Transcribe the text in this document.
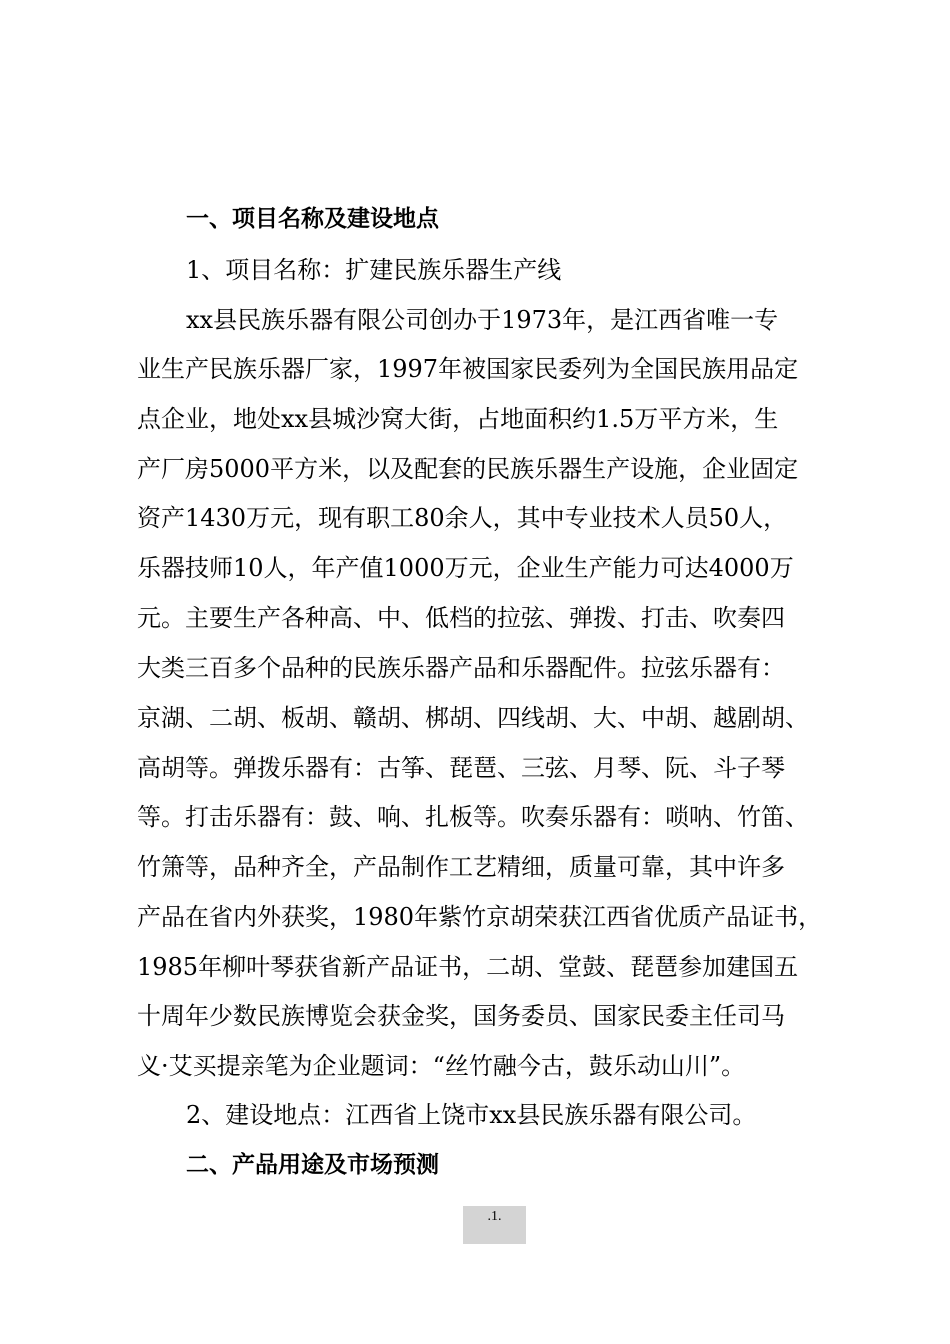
一、项目名称及建设地点
1、项目名称：扩建民族乐器生产线
xx县民族乐器有限公司创办于1973年，是江西省唯一专
业生产民族乐器厂家，1997年被国家民委列为全国民族用品定
点企业，地处xx县城沙窝大街，占地面积约1.5万平方米，生
产厂房5000平方米，以及配套的民族乐器生产设施，企业固定
资产1430万元，现有职工80余人，其中专业技术人员50人，
乐器技师10人，年产值1000万元，企业生产能力可达4000万
元。主要生产各种高、中、低档的拉弦、弹拨、打击、吹奏四
大类三百多个品种的民族乐器产品和乐器配件。拉弦乐器有：
京湖、二胡、板胡、赣胡、梆胡、四线胡、大、中胡、越剧胡、
高胡等。弹拨乐器有：古筝、琵琶、三弦、月琴、阮、斗子琴
等。打击乐器有：鼓、响、扎板等。吹奏乐器有：唢呐、竹笛、
竹箫等，品种齐全，产品制作工艺精细，质量可靠，其中许多
产品在省内外获奖，1980年紫竹京胡荣获江西省优质产品证书，
1985年柳叶琴获省新产品证书，二胡、堂鼓、琵琶参加建国五
十周年少数民族博览会获金奖，国务委员、国家民委主任司马
义·艾买提亲笔为企业题词：“丝竹融今古，鼓乐动山川”。
2、建设地点：江西省上饶市xx县民族乐器有限公司。
二、产品用途及市场预测
.1.
